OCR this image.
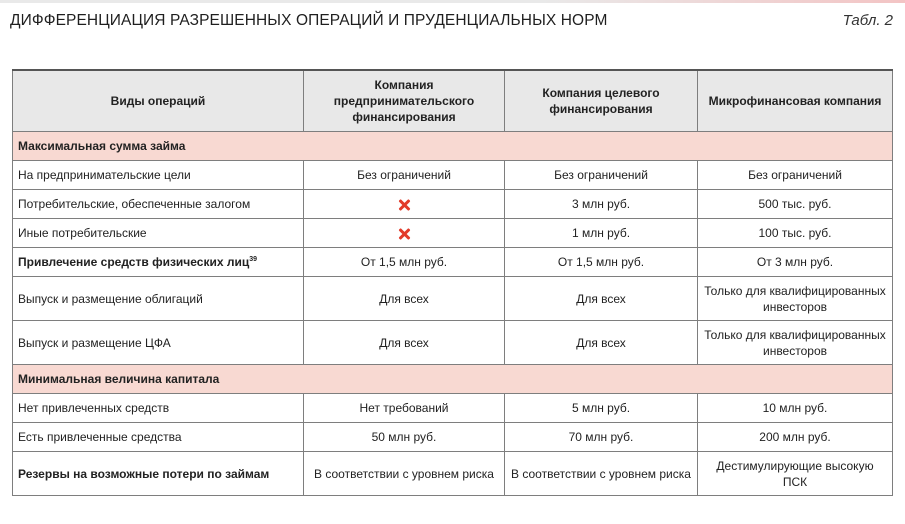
ДИФФЕРЕНЦИАЦИЯ РАЗРЕШЕННЫХ ОПЕРАЦИЙ И ПРУДЕНЦИАЛЬНЫХ НОРМ	Табл. 2
Виды операций	Компания предпринимательского финансирования	Компания целевого финансирования	Микрофинансовая компания
Максимальная сумма займа			
На предпринимательские цели	Без ограничений	Без ограничений	Без ограничений
Потребительские, обеспеченные залогом		3 млн руб.	500 тыс. руб.
Иные потребительские		1 млн руб.	100 тыс. руб.
Привлечение средств физических лиц$^{39}$	От 1,5 млн руб.	От 1,5 млн руб.	От 3 млн руб.
Выпуск и размещение облигаций	Для всех	Для всех	Только для квалифицированных инвесторов
Выпуск и размещение ЦФА	Для всех	Для всех	Только для квалифицированных инвесторов
Минимальная величина капитала			
Нет привлеченных средств	Нет требований	5 млн руб.	10 млн руб.
Есть привлеченные средства	50 млн руб.	70 млн руб.	200 млн руб.
Резервы на возможные потери по займам	В соответствии с уровнем риска	В соответствии с уровнем риска	Дестимулирующие высокую ПСК
